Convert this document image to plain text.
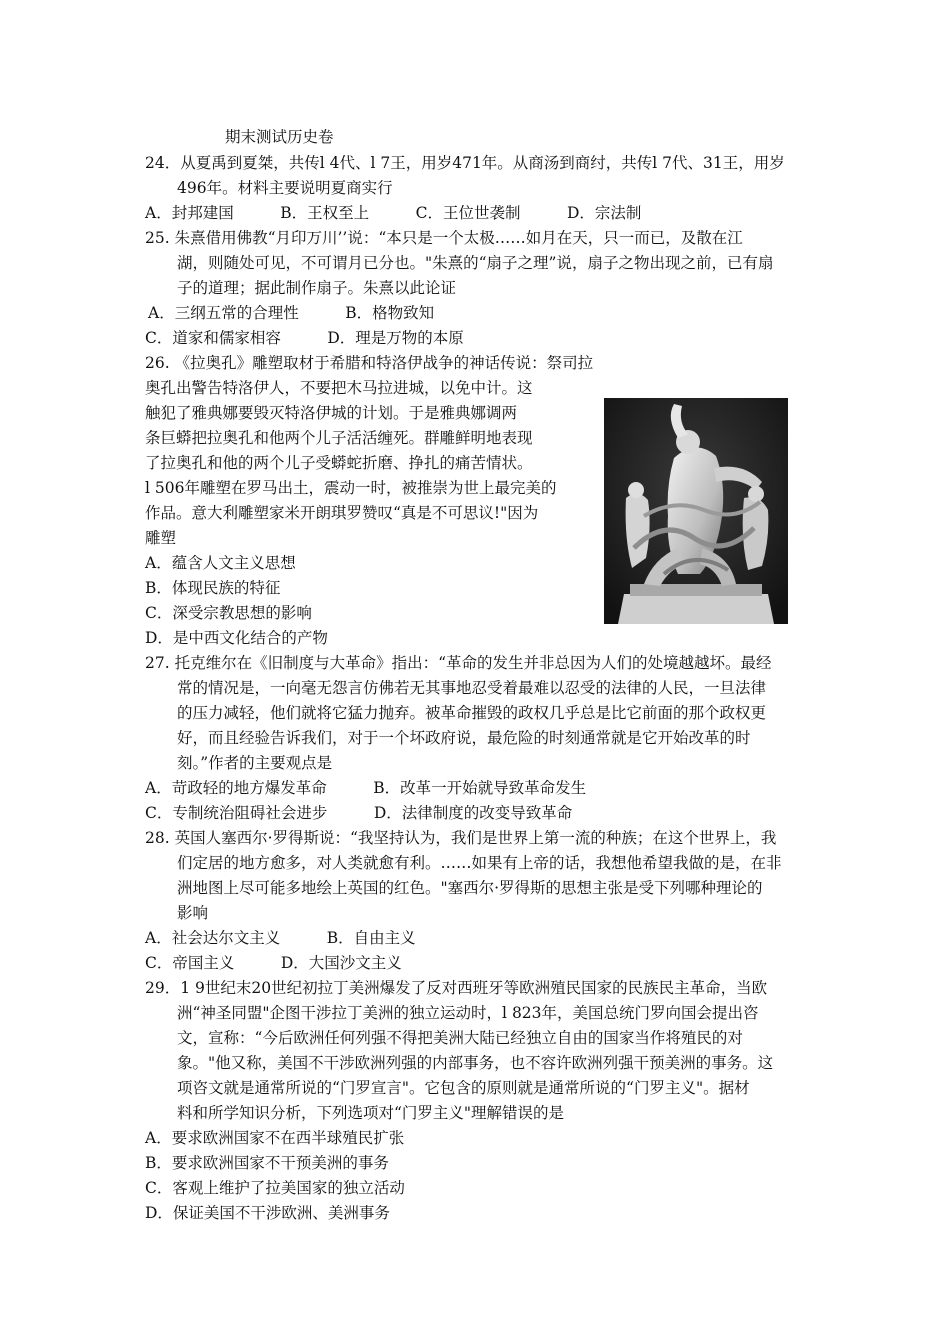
期末测试历史卷
24．从夏禹到夏桀，共传l 4代、l 7王，用岁471年。从商汤到商纣，共传l 7代、31王，用岁
496年。材料主要说明夏商实行
A．封邦建国　　　B．王权至上　　　C．王位世袭制　　　D．宗法制
25. 朱熹借用佛教“月印万川’’说：“本只是一个太极……如月在天，只一而已，及散在江
湖，则随处可见，不可谓月已分也。"朱熹的“扇子之理”说，扇子之物出现之前，已有扇
子的道理；据此制作扇子。朱熹以此论证
A．三纲五常的合理性　　　B．格物致知
C．道家和儒家相容　　　D．理是万物的本原
26. 《拉奥孔》雕塑取材于希腊和特洛伊战争的神话传说：祭司拉
奥孔出警告特洛伊人，不要把木马拉进城，以免中计。这
触犯了雅典娜要毁灭特洛伊城的计划。于是雅典娜调两
条巨蟒把拉奥孔和他两个儿子活活缠死。群雕鲜明地表现
了拉奥孔和他的两个儿子受蟒蛇折磨、挣扎的痛苦情状。
l 506年雕塑在罗马出土，震动一时，被推崇为世上最完美的
作品。意大利雕塑家米开朗琪罗赞叹“真是不可思议!"因为
雕塑
A．蕴含人文主义思想
B．体现民族的特征
C．深受宗教思想的影响
D．是中西文化结合的产物
27. 托克维尔在《旧制度与大革命》指出：“革命的发生并非总因为人们的处境越越坏。最经
常的情况是，一向毫无怨言仿佛若无其事地忍受着最难以忍受的法律的人民，一旦法律
的压力减轻，他们就将它猛力抛弃。被革命摧毁的政权几乎总是比它前面的那个政权更
好，而且经验告诉我们，对于一个坏政府说，最危险的时刻通常就是它开始改革的时
刻。”作者的主要观点是
A．苛政轻的地方爆发革命　　　B．改革一开始就导致革命发生
C．专制统治阻碍社会进步　　　D．法律制度的改变导致革命
28. 英国人塞西尔·罗得斯说：“我坚持认为，我们是世界上第一流的种族；在这个世界上，我
们定居的地方愈多，对人类就愈有利。……如果有上帝的话，我想他希望我做的是，在非
洲地图上尽可能多地绘上英国的红色。"塞西尔·罗得斯的思想主张是受下列哪种理论的
影响
A．社会达尔文主义　　　B．自由主义
C．帝国主义　　　D．大国沙文主义
29．1 9世纪末20世纪初拉丁美洲爆发了反对西班牙等欧洲殖民国家的民族民主革命，当欧
洲“神圣同盟"企图干涉拉丁美洲的独立运动时，l 823年，美国总统门罗向国会提出咨
文，宣称：“今后欧洲任何列强不得把美洲大陆已经独立自由的国家当作将殖民的对
象。"他又称，美国不干涉欧洲列强的内部事务，也不容许欧洲列强干预美洲的事务。这
项咨文就是通常所说的“门罗宣言"。它包含的原则就是通常所说的“门罗主义"。据材
料和所学知识分析，下列选项对“门罗主义"理解错误的是
A．要求欧洲国家不在西半球殖民扩张
B．要求欧洲国家不干预美洲的事务
C．客观上维护了拉美国家的独立活动
D．保证美国不干涉欧洲、美洲事务
